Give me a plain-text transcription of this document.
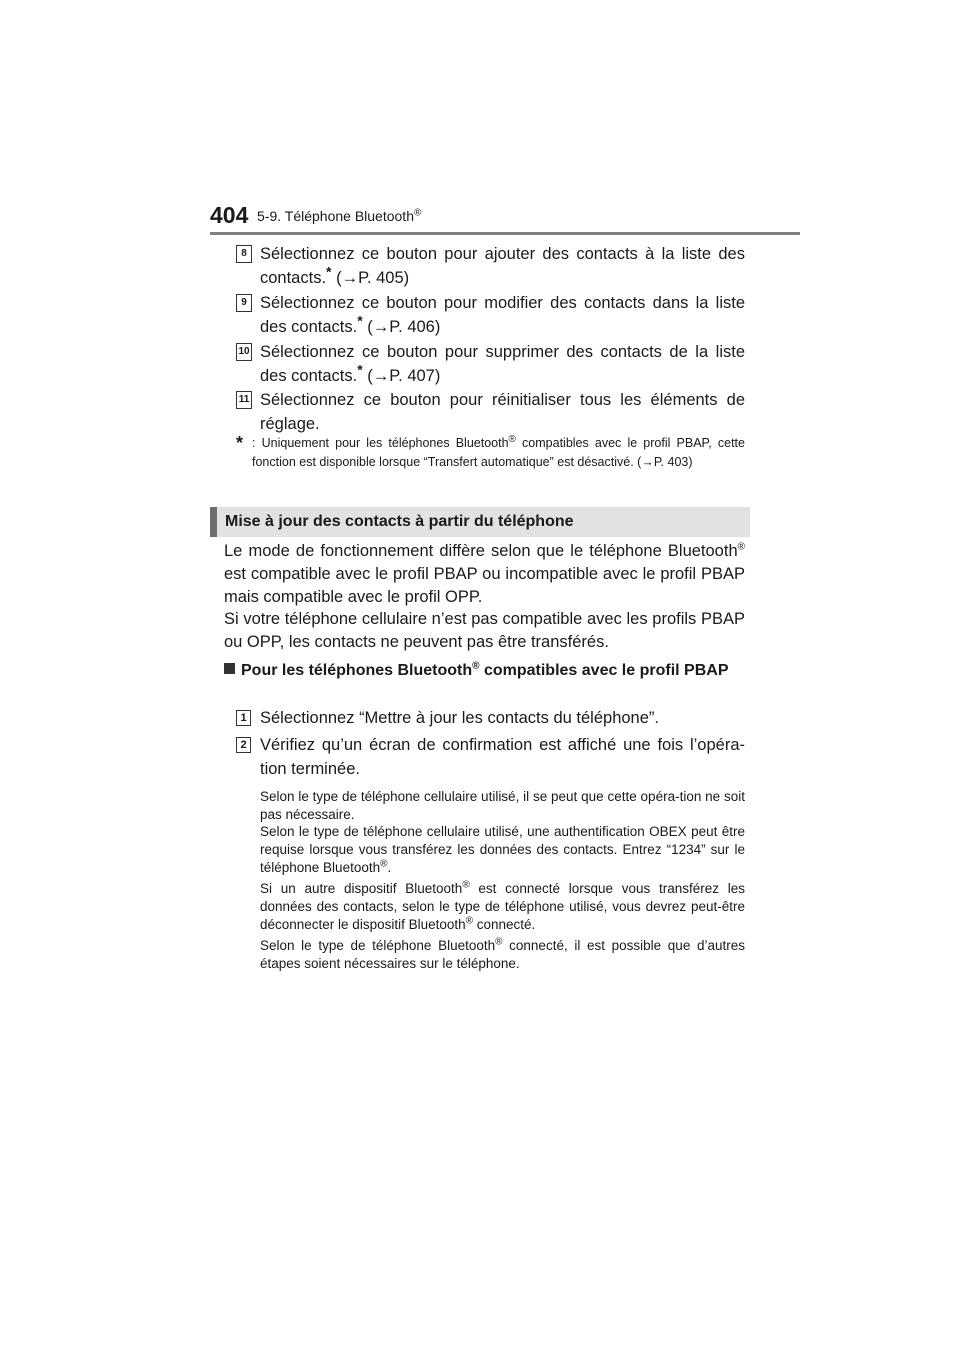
404 5-9. Téléphone Bluetooth®
8 Sélectionnez ce bouton pour ajouter des contacts à la liste des contacts.* (→P. 405)
9 Sélectionnez ce bouton pour modifier des contacts dans la liste des contacts.* (→P. 406)
10 Sélectionnez ce bouton pour supprimer des contacts de la liste des contacts.* (→P. 407)
11 Sélectionnez ce bouton pour réinitialiser tous les éléments de réglage.
* : Uniquement pour les téléphones Bluetooth® compatibles avec le profil PBAP, cette fonction est disponible lorsque “Transfert automatique” est désactivé. (→P. 403)
Mise à jour des contacts à partir du téléphone
Le mode de fonctionnement diffère selon que le téléphone Bluetooth® est compatible avec le profil PBAP ou incompatible avec le profil PBAP mais compatible avec le profil OPP.
Si votre téléphone cellulaire n’est pas compatible avec les profils PBAP ou OPP, les contacts ne peuvent pas être transférés.
Pour les téléphones Bluetooth® compatibles avec le profil PBAP
1 Sélectionnez “Mettre à jour les contacts du téléphone”.
2 Vérifiez qu’un écran de confirmation est affiché une fois l’opéra-tion terminée.
Selon le type de téléphone cellulaire utilisé, il se peut que cette opéra-tion ne soit pas nécessaire.
Selon le type de téléphone cellulaire utilisé, une authentification OBEX peut être requise lorsque vous transférez les données des contacts. Entrez “1234” sur le téléphone Bluetooth®.
Si un autre dispositif Bluetooth® est connecté lorsque vous transférez les données des contacts, selon le type de téléphone utilisé, vous devrez peut-être déconnecter le dispositif Bluetooth® connecté.
Selon le type de téléphone Bluetooth® connecté, il est possible que d’autres étapes soient nécessaires sur le téléphone.
